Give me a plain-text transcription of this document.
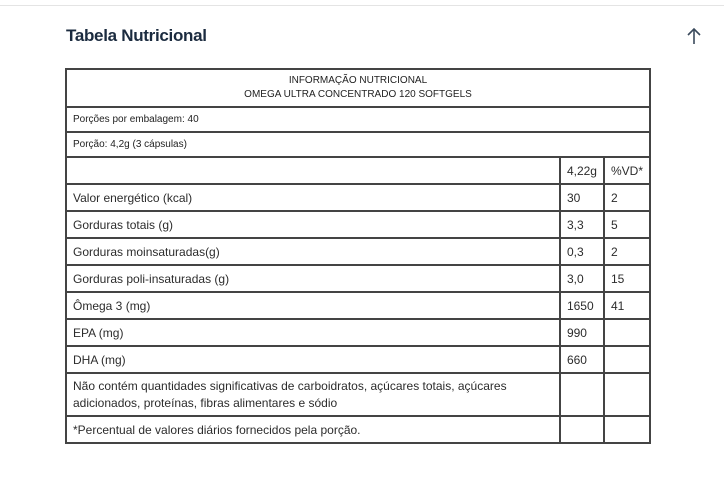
Tabela Nutricional
INFORMAÇÃO NUTRICIONAL
OMEGA ULTRA CONCENTRADO 120 SOFTGELS		

Porções por embalagem: 40		
Porção: 4,2g (3 cápsulas)		
	4,22g	%VD*
Valor energético (kcal)	30	2
Gorduras totais (g)	3,3	5
Gorduras moinsaturadas(g)	0,3	2
Gorduras poli-insaturadas (g)	3,0	15
Ômega 3 (mg)	1650	41
EPA (mg)	990	
DHA (mg)	660	
Não contém quantidades significativas de carboidratos, açúcares totais, açúcares adicionados, proteínas, fibras alimentares e sódio		
*Percentual de valores diários fornecidos pela porção.		
